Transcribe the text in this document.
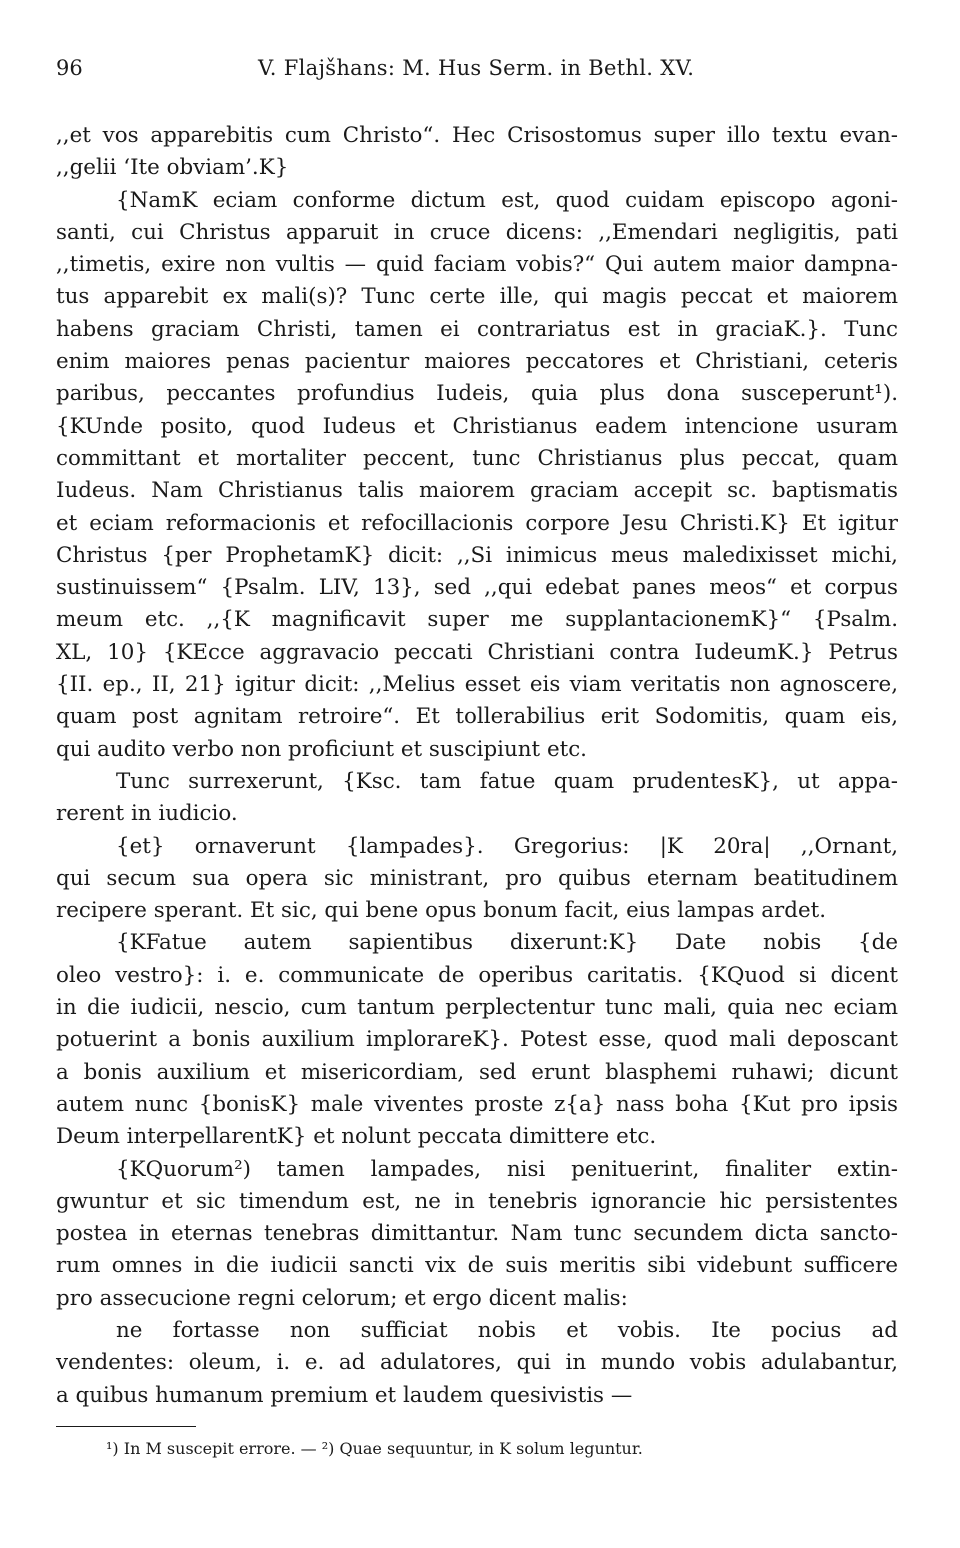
96	V. Flajšhans: M. Hus Serm. in Bethl. XV.
,,et vos apparebitis cum Christo“. Hec Crisostomus super illo textu evan-
,,gelii ‘Ite obviam’.K}
{NamK eciam conforme dictum est, quod cuidam episcopo agoni-
santi, cui Christus apparuit in cruce dicens: ,,Emendari negligitis, pati
,,timetis, exire non vultis — quid faciam vobis?“ Qui autem maior dampna-
tus apparebit ex mali(s)? Tunc certe ille, qui magis peccat et maiorem
habens graciam Christi, tamen ei contrariatus est in graciaK.}. Tunc
enim maiores penas pacientur maiores peccatores et Christiani, ceteris
paribus, peccantes profundius Iudeis, quia plus dona susceperunt¹).
{KUnde posito, quod Iudeus et Christianus eadem intencione usuram
committant et mortaliter peccent, tunc Christianus plus peccat, quam
Iudeus. Nam Christianus talis maiorem graciam accepit sc. baptismatis
et eciam reformacionis et refocillacionis corpore Jesu Christi.K} Et igitur
Christus {per ProphetamK} dicit: ,,Si inimicus meus maledixisset michi,
sustinuissem“ {Psalm. LIV, 13}, sed ,,qui edebat panes meos“ et corpus
meum etc. ,,{K magnificavit super me supplantacionemK}“ {Psalm.
XL, 10} {KEcce aggravacio peccati Christiani contra IudeumK.} Petrus
{II. ep., II, 21} igitur dicit: ,,Melius esset eis viam veritatis non agnoscere,
quam post agnitam retroire“. Et tollerabilius erit Sodomitis, quam eis,
qui audito verbo non proficiunt et suscipiunt etc.
Tunc surrexerunt, {Ksc. tam fatue quam prudentesK}, ut appa-
rerent in iudicio.
{et} ornaverunt {lampades}. Gregorius: |K 20ra| ,,Ornant,
qui secum sua opera sic ministrant, pro quibus eternam beatitudinem
recipere sperant. Et sic, qui bene opus bonum facit, eius lampas ardet.
{KFatue autem sapientibus dixerunt:K} Date nobis {de
oleo vestro}: i. e. communicate de operibus caritatis. {KQuod si dicent
in die iudicii, nescio, cum tantum perplectentur tunc mali, quia nec eciam
potuerint a bonis auxilium implorareK}. Potest esse, quod mali deposcant
a bonis auxilium et misericordiam, sed erunt blasphemi ruhawi; dicunt
autem nunc {bonisK} male viventes proste z{a} nass boha {Kut pro ipsis
Deum interpellarentK} et nolunt peccata dimittere etc.
{KQuorum²) tamen lampades, nisi penituerint, finaliter extin-
gwuntur et sic timendum est, ne in tenebris ignorancie hic persistentes
postea in eternas tenebras dimittantur. Nam tunc secundem dicta sancto-
rum omnes in die iudicii sancti vix de suis meritis sibi videbunt sufficere
pro assecucione regni celorum; et ergo dicent malis:
ne fortasse non sufficiat nobis et vobis. Ite pocius ad
vendentes: oleum, i. e. ad adulatores, qui in mundo vobis adulabantur,
a quibus humanum premium et laudem quesivistis —
¹) In M suscepit errore. — ²) Quae sequuntur, in K solum leguntur.
